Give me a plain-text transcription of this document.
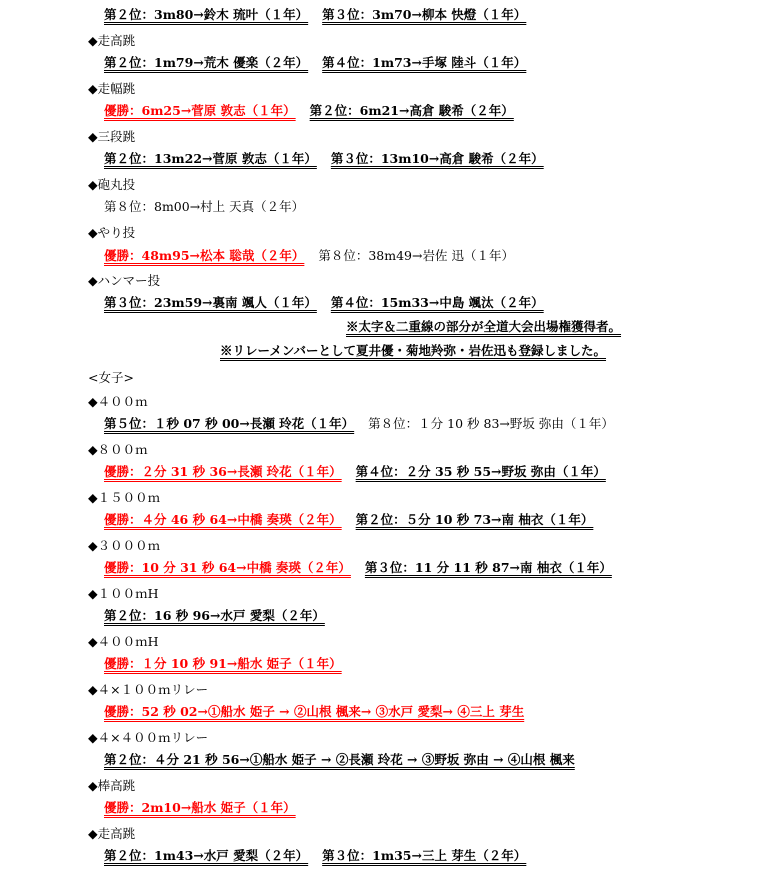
第２位：3m80→鈴木 琉叶（１年） 第３位：3m70→柳本 快燈（１年）
◆走高跳
第２位：1m79→荒木 優楽（２年） 第４位：1m73→手塚 陸斗（１年）
◆走幅跳
優勝：6m25→菅原 敦志（１年） 第２位：6m21→高倉 駿希（２年）
◆三段跳
第２位：13m22→菅原 敦志（１年） 第３位：13m10→高倉 駿希（２年）
◆砲丸投
第８位：8m00→村上 天真（２年）
◆やり投
優勝：48m95→松本 聡哉（２年） 第８位：38m49→岩佐 迅（１年）
◆ハンマー投
第３位：23m59→裏南 颯人（１年） 第４位：15m33→中島 颯汰（２年）
※太字＆二重線の部分が全道大会出場権獲得者。
※リレーメンバーとして夏井優・菊地羚弥・岩佐迅も登録しました。
<女子>
◆４００ｍ
第５位：１秒 07 秒 00→長瀬 玲花（１年） 第８位：１分 10 秒 83→野坂 弥由（１年）
◆８００ｍ
優勝：２分 31 秒 36→長瀬 玲花（１年） 第４位：２分 35 秒 55→野坂 弥由（１年）
◆１５００ｍ
優勝：４分 46 秒 64→中橋 奏瑛（２年） 第２位：５分 10 秒 73→南 柚衣（１年）
◆３０００ｍ
優勝：10 分 31 秒 64→中橋 奏瑛（２年） 第３位：11 分 11 秒 87→南 柚衣（１年）
◆１００ｍH
第２位：16 秒 96→水戸 愛梨（２年）
◆４００ｍH
優勝：１分 10 秒 91→船水 姫子（１年）
◆４×１００ｍリレー
優勝：52 秒 02→①船水 姫子 → ②山根 楓来→ ③水戸 愛梨→ ④三上 芽生
◆４×４００ｍリレー
第２位：４分 21 秒 56→①船水 姫子 → ②長瀬 玲花 → ③野坂 弥由 → ④山根 楓来
◆棒高跳
優勝：2m10→船水 姫子（１年）
◆走高跳
第２位：1m43→水戸 愛梨（２年） 第３位：1m35→三上 芽生（２年）
